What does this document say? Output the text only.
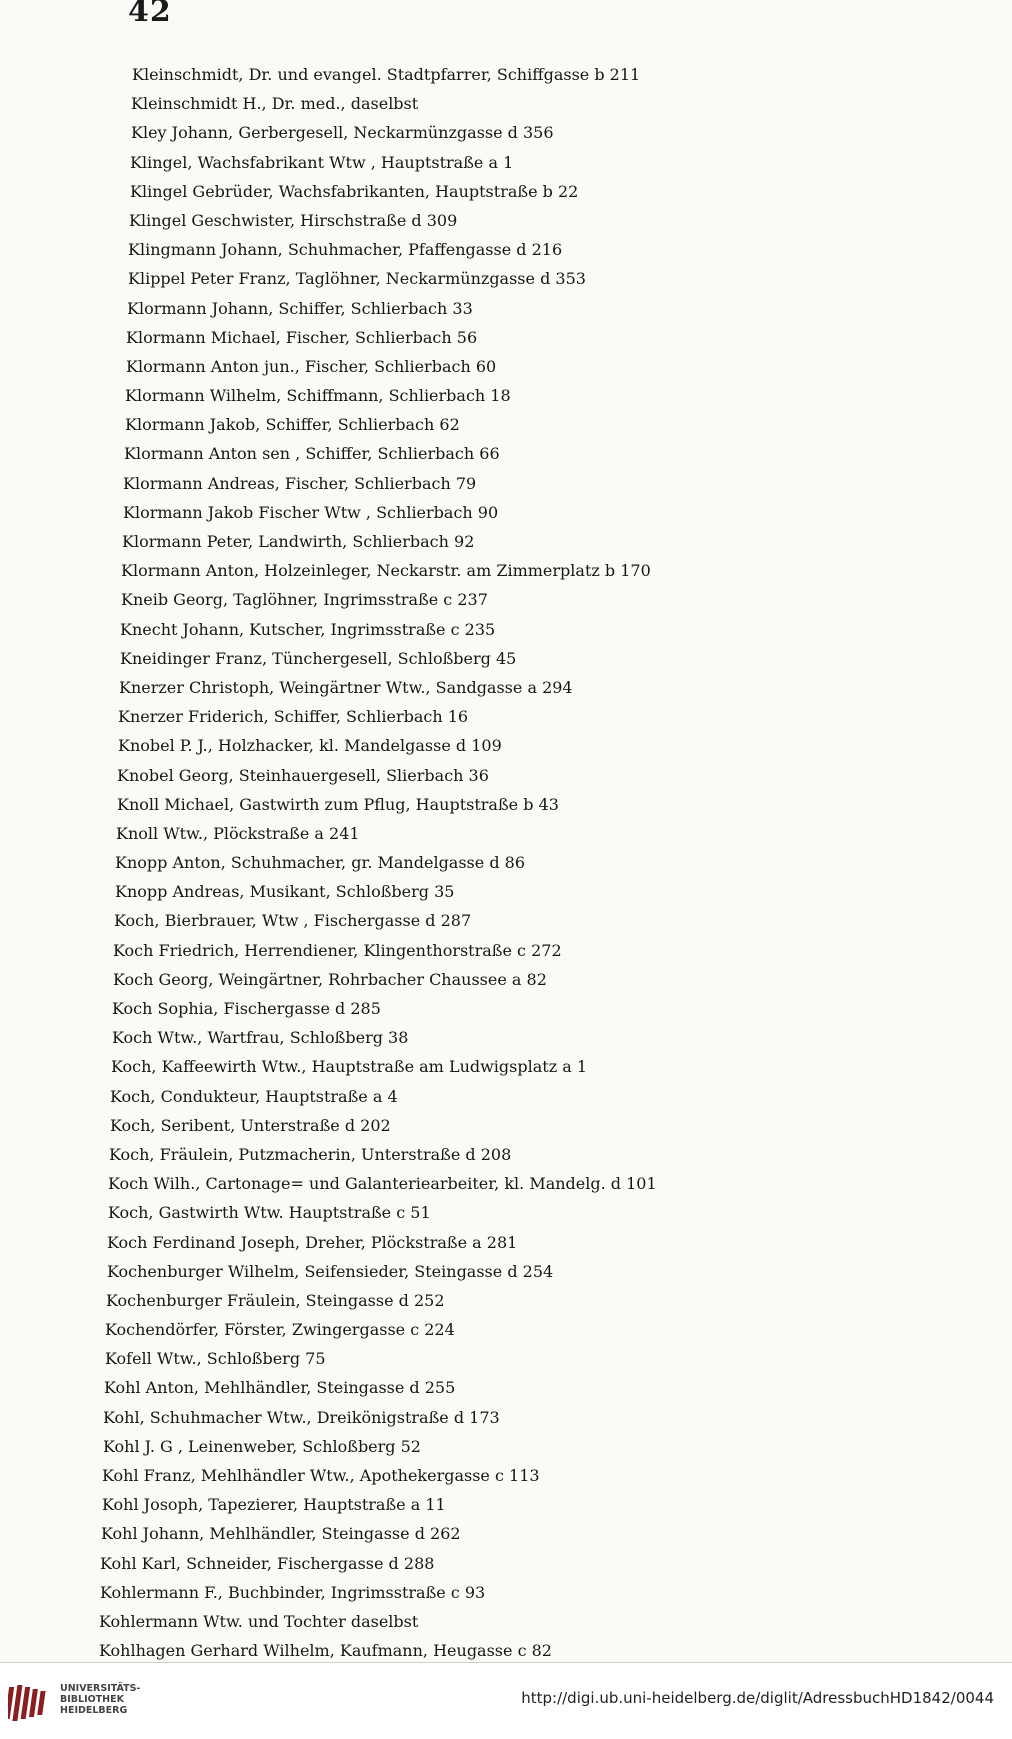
42
Kleinschmidt, Dr. und evangel. Stadtpfarrer, Schiffgasse b 211
Kleinschmidt H., Dr. med., daselbst
Kley Johann, Gerbergesell, Neckarmünzgasse d 356
Klingel, Wachsfabrikant Wtw , Hauptstraße a 1
Klingel Gebrüder, Wachsfabrikanten, Hauptstraße b 22
Klingel Geschwister, Hirschstraße d 309
Klingmann Johann, Schuhmacher, Pfaffengasse d 216
Klippel Peter Franz, Taglöhner, Neckarmünzgasse d 353
Klormann Johann, Schiffer, Schlierbach 33
Klormann Michael, Fischer, Schlierbach 56
Klormann Anton jun., Fischer, Schlierbach 60
Klormann Wilhelm, Schiffmann, Schlierbach 18
Klormann Jakob, Schiffer, Schlierbach 62
Klormann Anton sen , Schiffer, Schlierbach 66
Klormann Andreas, Fischer, Schlierbach 79
Klormann Jakob Fischer Wtw , Schlierbach 90
Klormann Peter, Landwirth, Schlierbach 92
Klormann Anton, Holzeinleger, Neckarstr. am Zimmerplatz b 170
Kneib Georg, Taglöhner, Ingrimsstraße c 237
Knecht Johann, Kutscher, Ingrimsstraße c 235
Kneidinger Franz, Tünchergesell, Schloßberg 45
Knerzer Christoph, Weingärtner Wtw., Sandgasse a 294
Knerzer Friderich, Schiffer, Schlierbach 16
Knobel P. J., Holzhacker, kl. Mandelgasse d 109
Knobel Georg, Steinhauergesell, Slierbach 36
Knoll Michael, Gastwirth zum Pflug, Hauptstraße b 43
Knoll Wtw., Plöckstraße a 241
Knopp Anton, Schuhmacher, gr. Mandelgasse d 86
Knopp Andreas, Musikant, Schloßberg 35
Koch, Bierbrauer, Wtw , Fischergasse d 287
Koch Friedrich, Herrendiener, Klingenthorstraße c 272
Koch Georg, Weingärtner, Rohrbacher Chaussee a 82
Koch Sophia, Fischergasse d 285
Koch Wtw., Wartfrau, Schloßberg 38
Koch, Kaffeewirth Wtw., Hauptstraße am Ludwigsplatz a 1
Koch, Condukteur, Hauptstraße a 4
Koch, Seribent, Unterstraße d 202
Koch, Fräulein, Putzmacherin, Unterstraße d 208
Koch Wilh., Cartonage= und Galanteriearbeiter, kl. Mandelg. d 101
Koch, Gastwirth Wtw. Hauptstraße c 51
Koch Ferdinand Joseph, Dreher, Plöckstraße a 281
Kochenburger Wilhelm, Seifensieder, Steingasse d 254
Kochenburger Fräulein, Steingasse d 252
Kochendörfer, Förster, Zwingergasse c 224
Kofell Wtw., Schloßberg 75
Kohl Anton, Mehlhändler, Steingasse d 255
Kohl, Schuhmacher Wtw., Dreikönigstraße d 173
Kohl J. G , Leinenweber, Schloßberg 52
Kohl Franz, Mehlhändler Wtw., Apothekergasse c 113
Kohl Josoph, Tapezierer, Hauptstraße a 11
Kohl Johann, Mehlhändler, Steingasse d 262
Kohl Karl, Schneider, Fischergasse d 288
Kohlermann F., Buchbinder, Ingrimsstraße c 93
Kohlermann Wtw. und Tochter daselbst
Kohlhagen Gerhard Wilhelm, Kaufmann, Heugasse c 82
UNIVERSITÄTS-
BIBLIOTHEK
HEIDELBERG
http://digi.ub.uni-heidelberg.de/diglit/AdressbuchHD1842/0044
